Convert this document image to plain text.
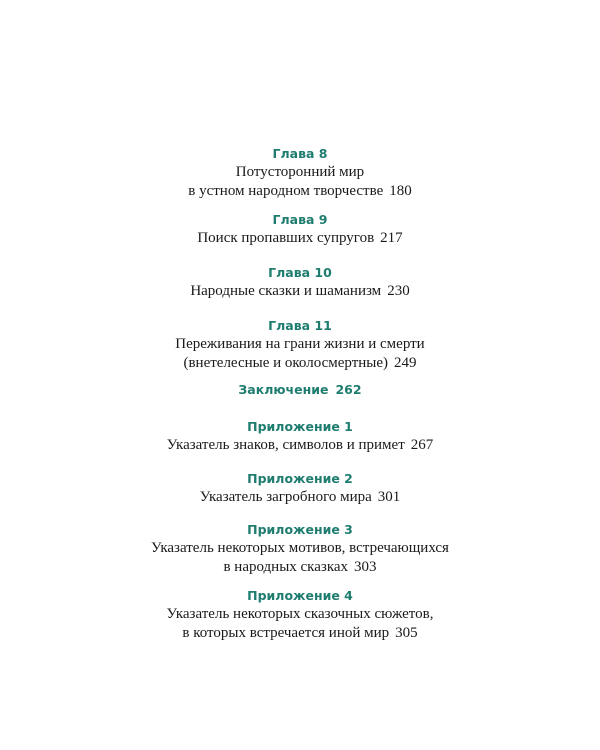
Глава 8
Потусторонний мир
в устном народном творчестве 180
Глава 9
Поиск пропавших супругов 217
Глава 10
Народные сказки и шаманизм 230
Глава 11
Переживания на грани жизни и смерти
(внетелесные и околосмертные) 249
Заключение 262
Приложение 1
Указатель знаков, символов и примет 267
Приложение 2
Указатель загробного мира 301
Приложение 3
Указатель некоторых мотивов, встречающихся
в народных сказках 303
Приложение 4
Указатель некоторых сказочных сюжетов,
в которых встречается иной мир 305
